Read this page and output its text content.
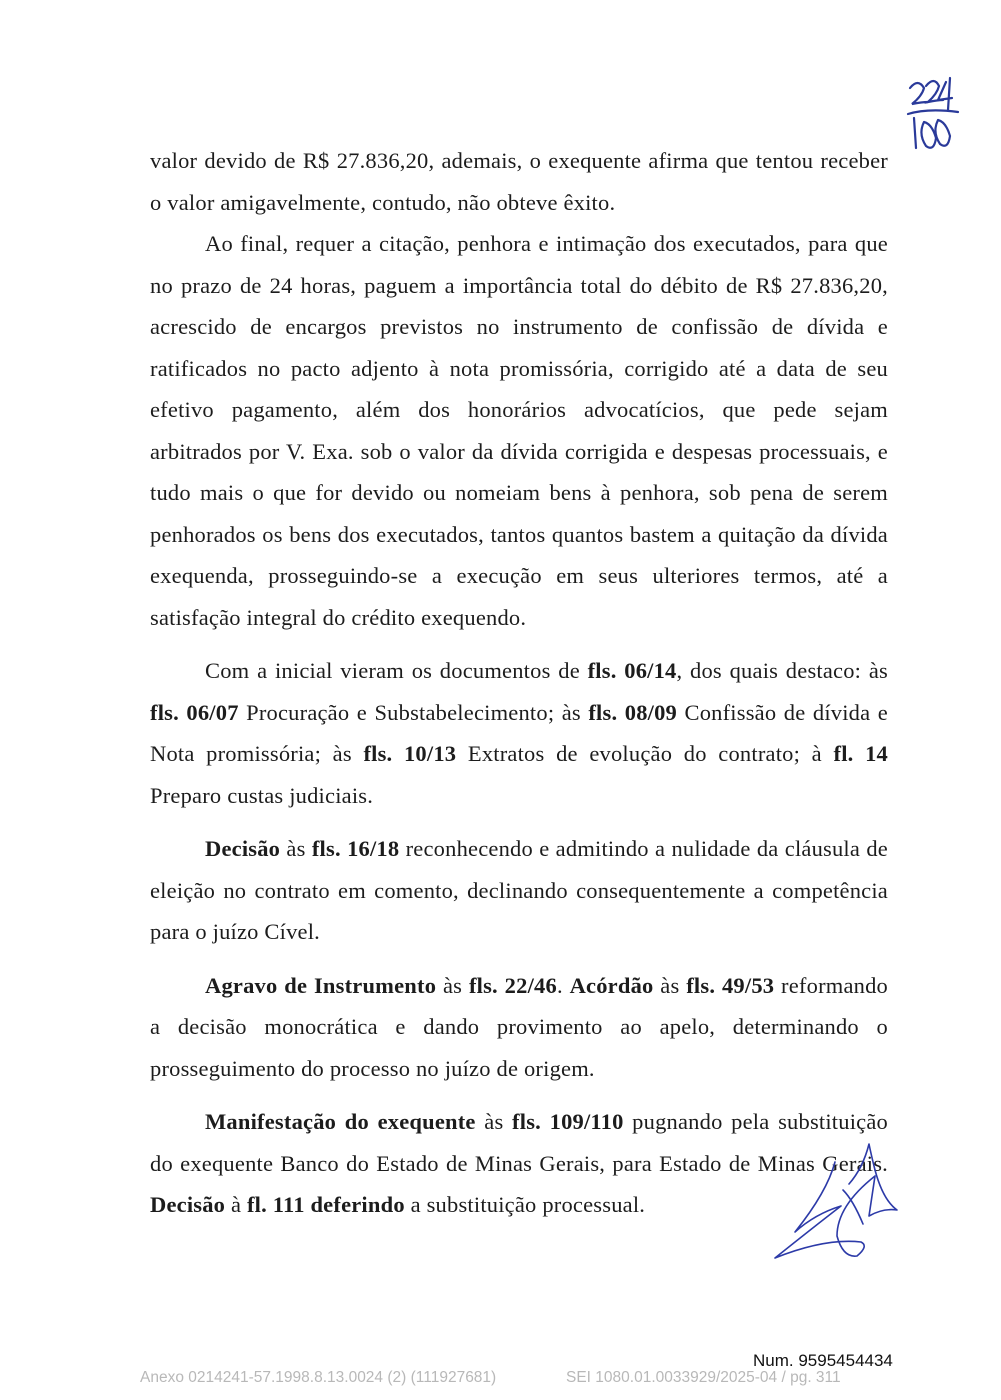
valor devido de R$ 27.836,20, ademais, o exequente afirma que tentou receber o valor amigavelmente, contudo, não obteve êxito.

Ao final, requer a citação, penhora e intimação dos executados, para que no prazo de 24 horas, paguem a importância total do débito de R$ 27.836,20, acrescido de encargos previstos no instrumento de confissão de dívida e ratificados no pacto adjento à nota promissória, corrigido até a data de seu efetivo pagamento, além dos honorários advocatícios, que pede sejam arbitrados por V. Exa. sob o valor da dívida corrigida e despesas processuais, e tudo mais o que for devido ou nomeiam bens à penhora, sob pena de serem penhorados os bens dos executados, tantos quantos bastem a quitação da dívida exequenda, prosseguindo-se a execução em seus ulteriores termos, até a satisfação integral do crédito exequendo.

Com a inicial vieram os documentos de fls. 06/14, dos quais destaco: às fls. 06/07 Procuração e Substabelecimento; às fls. 08/09 Confissão de dívida e Nota promissória; às fls. 10/13 Extratos de evolução do contrato; à fl. 14 Preparo custas judiciais.

Decisão às fls. 16/18 reconhecendo e admitindo a nulidade da cláusula de eleição no contrato em comento, declinando consequentemente a competência para o juízo Cível.

Agravo de Instrumento às fls. 22/46. Acórdão às fls. 49/53 reformando a decisão monocrática e dando provimento ao apelo, determinando o prosseguimento do processo no juízo de origem.

Manifestação do exequente às fls. 109/110 pugnando pela substituição do exequente Banco do Estado de Minas Gerais, para Estado de Minas Gerais. Decisão à fl. 111 deferindo a substituição processual.

Num. 9595454434
Anexo 0214241-57.1998.8.13.0024 (2) (111927681)	SEI 1080.01.0033929/2025-04 / pg. 311
